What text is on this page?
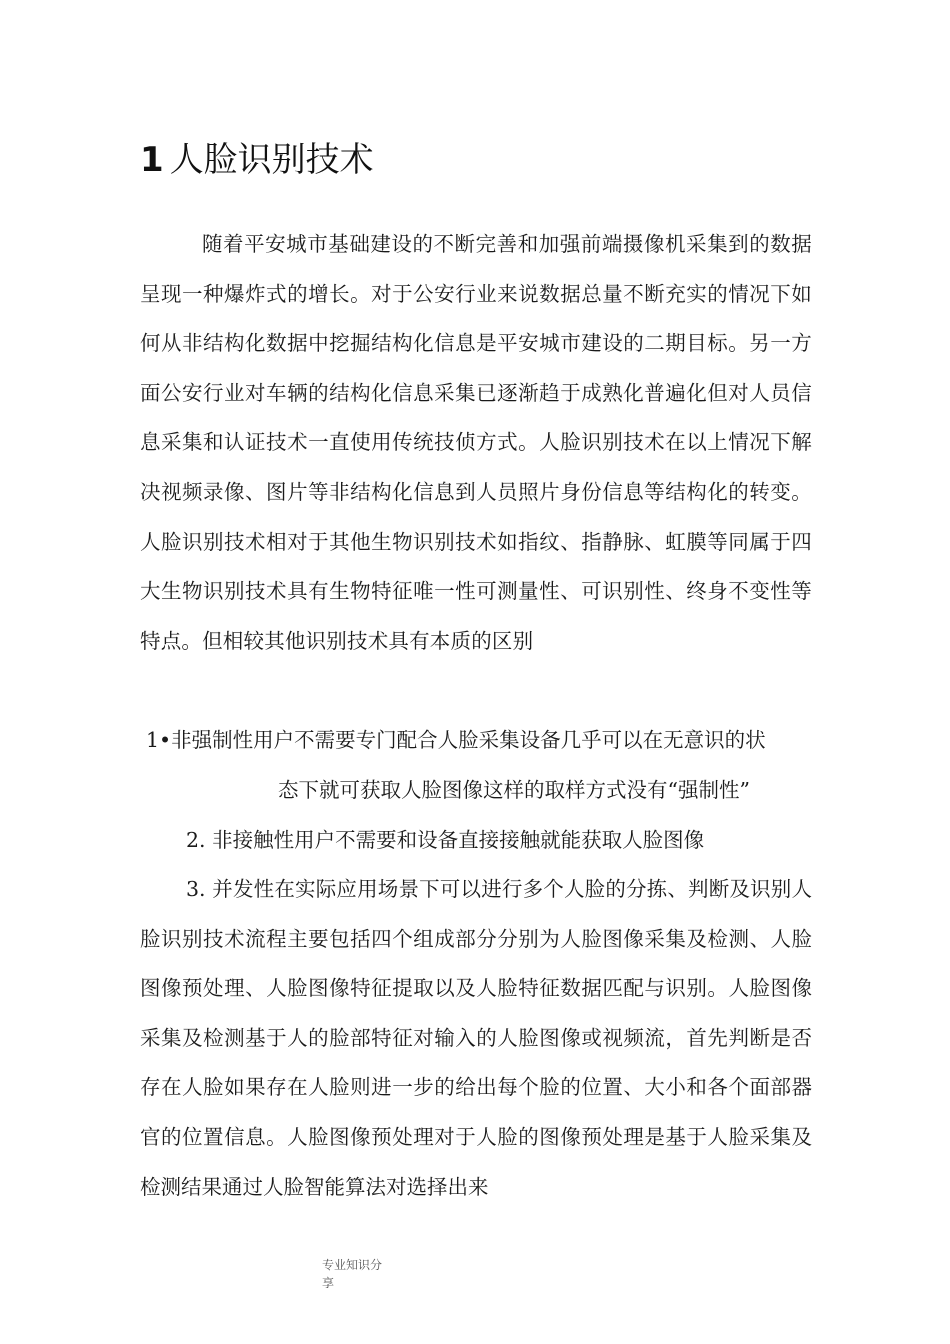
1 人脸识别技术

随着平安城市基础建设的不断完善和加强前端摄像机采集到的数据呈现一种爆炸式的增长。对于公安行业来说数据总量不断充实的情况下如何从非结构化数据中挖掘结构化信息是平安城市建设的二期目标。另一方面公安行业对车辆的结构化信息采集已逐渐趋于成熟化普遍化但对人员信息采集和认证技术一直使用传统技侦方式。人脸识别技术在以上情况下解决视频录像、图片等非结构化信息到人员照片身份信息等结构化的转变。人脸识别技术相对于其他生物识别技术如指纹、指静脉、虹膜等同属于四大生物识别技术具有生物特征唯一性可测量性、可识别性、终身不变性等特点。但相较其他识别技术具有本质的区别

1•非强制性用户不需要专门配合人脸采集设备几乎可以在无意识的状
态下就可获取人脸图像这样的取样方式没有“强制性”
2. 非接触性用户不需要和设备直接接触就能获取人脸图像

3. 并发性在实际应用场景下可以进行多个人脸的分拣、判断及识别人脸识别技术流程主要包括四个组成部分分别为人脸图像采集及检测、人脸图像预处理、人脸图像特征提取以及人脸特征数据匹配与识别。人脸图像采集及检测基于人的脸部特征对输入的人脸图像或视频流，首先判断是否存在人脸如果存在人脸则进一步的给出每个脸的位置、大小和各个面部器官的位置信息。人脸图像预处理对于人脸的图像预处理是基于人脸采集及检测结果通过人脸智能算法对选择出来

专业知识分
享
